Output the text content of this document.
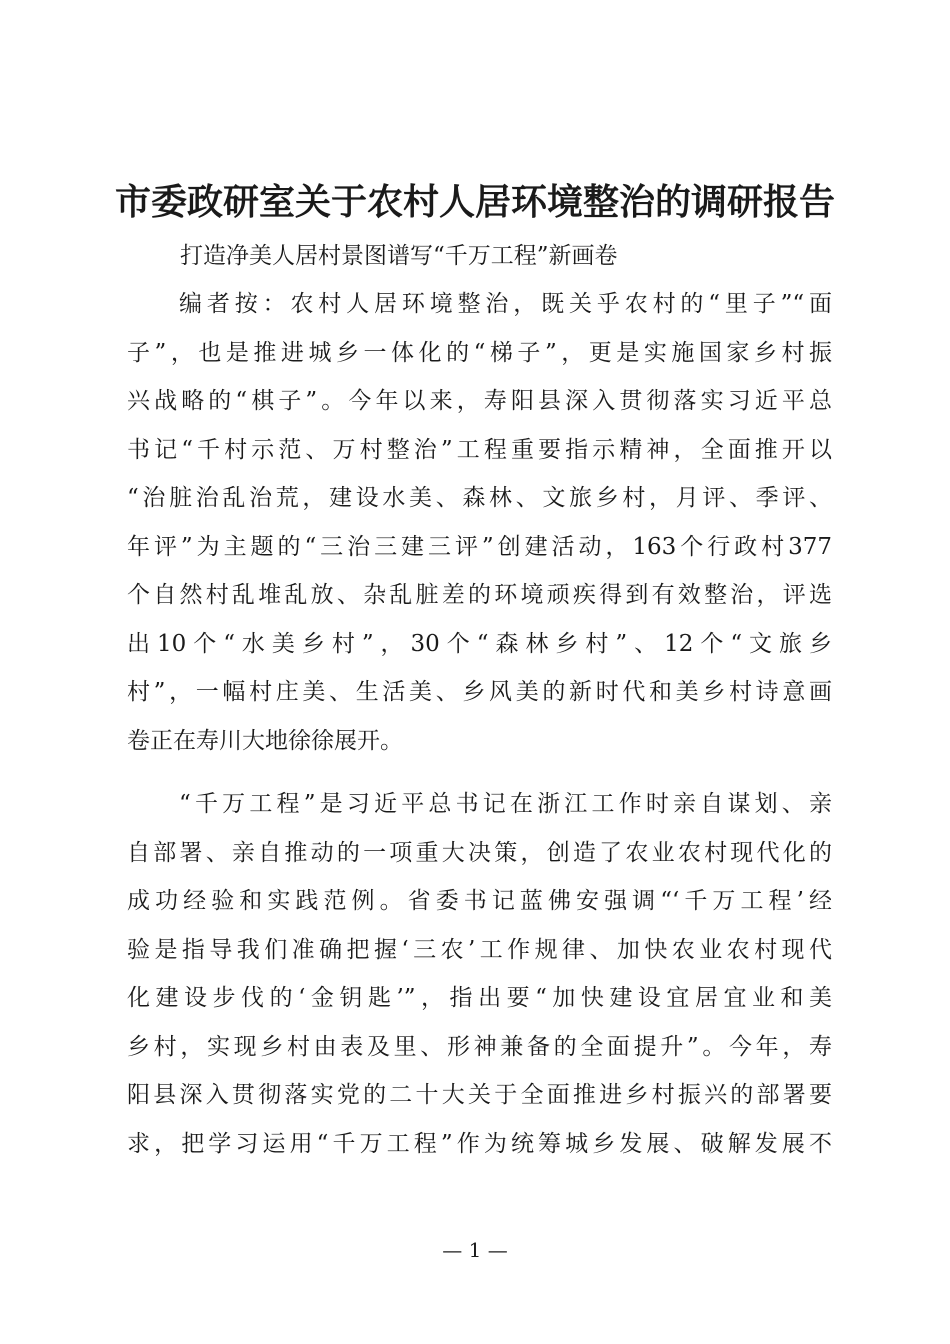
市委政研室关于农村人居环境整治的调研报告
打造净美人居村景图谱写“千万工程”新画卷
编者按：农村人居环境整治，既关乎农村的“里子”“面
子”，也是推进城乡一体化的“梯子”，更是实施国家乡村振
兴战略的“棋子”。今年以来，寿阳县深入贯彻落实习近平总
书记“千村示范、万村整治”工程重要指示精神，全面推开以
“治脏治乱治荒，建设水美、森林、文旅乡村，月评、季评、
年评”为主题的“三治三建三评”创建活动，163个行政村377
个自然村乱堆乱放、杂乱脏差的环境顽疾得到有效整治，评选
出10个“水美乡村”，30个“森林乡村”、12个“文旅乡
村”，一幅村庄美、生活美、乡风美的新时代和美乡村诗意画
卷正在寿川大地徐徐展开。
“千万工程”是习近平总书记在浙江工作时亲自谋划、亲
自部署、亲自推动的一项重大决策，创造了农业农村现代化的
成功经验和实践范例。省委书记蓝佛安强调“‘千万工程’经
验是指导我们准确把握‘三农’工作规律、加快农业农村现代
化建设步伐的‘金钥匙’”，指出要“加快建设宜居宜业和美
乡村，实现乡村由表及里、形神兼备的全面提升”。今年，寿
阳县深入贯彻落实党的二十大关于全面推进乡村振兴的部署要
求，把学习运用“千万工程”作为统筹城乡发展、破解发展不
— 1 —
